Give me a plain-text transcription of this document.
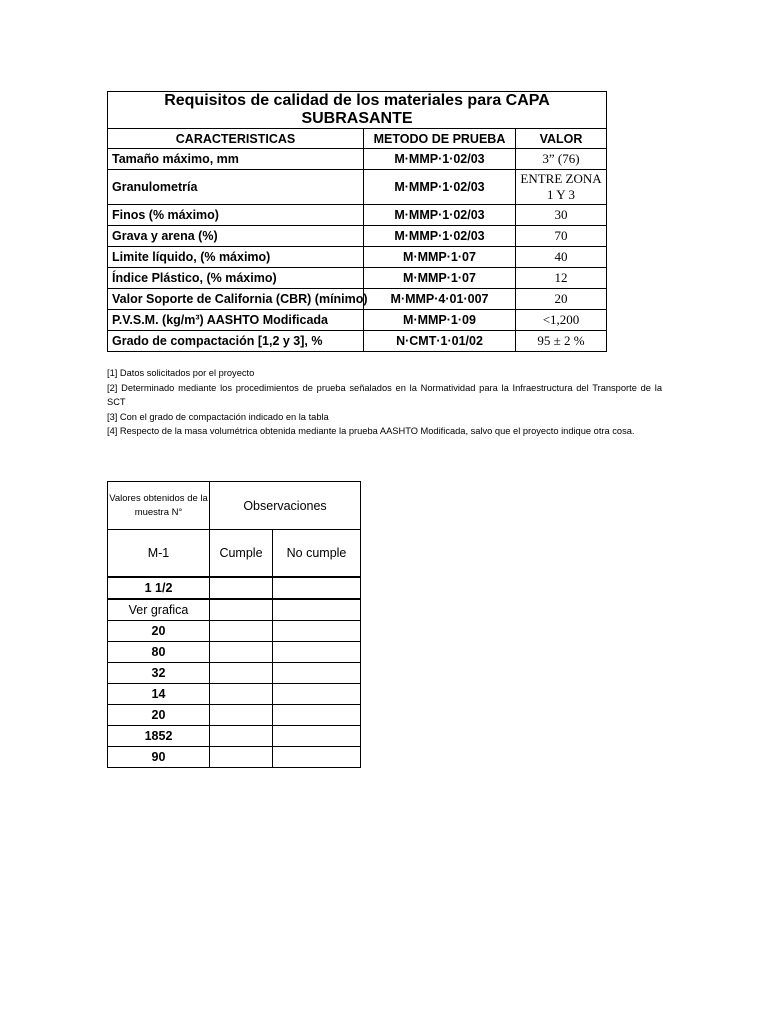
Requisitos de calidad de los materiales para CAPA SUBRASANTE		
CARACTERISTICAS	METODO DE PRUEBA	VALOR
Tamaño máximo, mm	M·MMP·1·02/03	3” (76)
Granulometría	M·MMP·1·02/03	ENTRE ZONA 1 Y 3
Finos (% máximo)	M·MMP·1·02/03	30
Grava y arena (%)	M·MMP·1·02/03	70
Limite líquido, (% máximo)	M·MMP·1·07	40
Índice Plástico, (% máximo)	M·MMP·1·07	12
Valor Soporte de California (CBR) (mínimo)	M·MMP·4·01·007	20
P.V.S.M. (kg/m³) AASHTO Modificada	M·MMP·1·09	<1,200
Grado de compactación [1,2 y 3], %	N·CMT·1·01/02	95 ± 2 %

[1] Datos solicitados por el proyecto

[2] Determinado mediante los procedimientos de prueba señalados en la Normatividad para la Infraestructura del Transporte de la SCT

[3] Con el grado de compactación indicado en la tabla

[4] Respecto de la masa volumétrica obtenida mediante la prueba AASHTO Modificada, salvo que el proyecto indique otra cosa.

Valores obtenidos de la muestra N°	Observaciones	
M-1	Cumple	No cumple
1 1/2		
Ver grafica		
20		
80		
32		
14		
20		
1852		
90		
